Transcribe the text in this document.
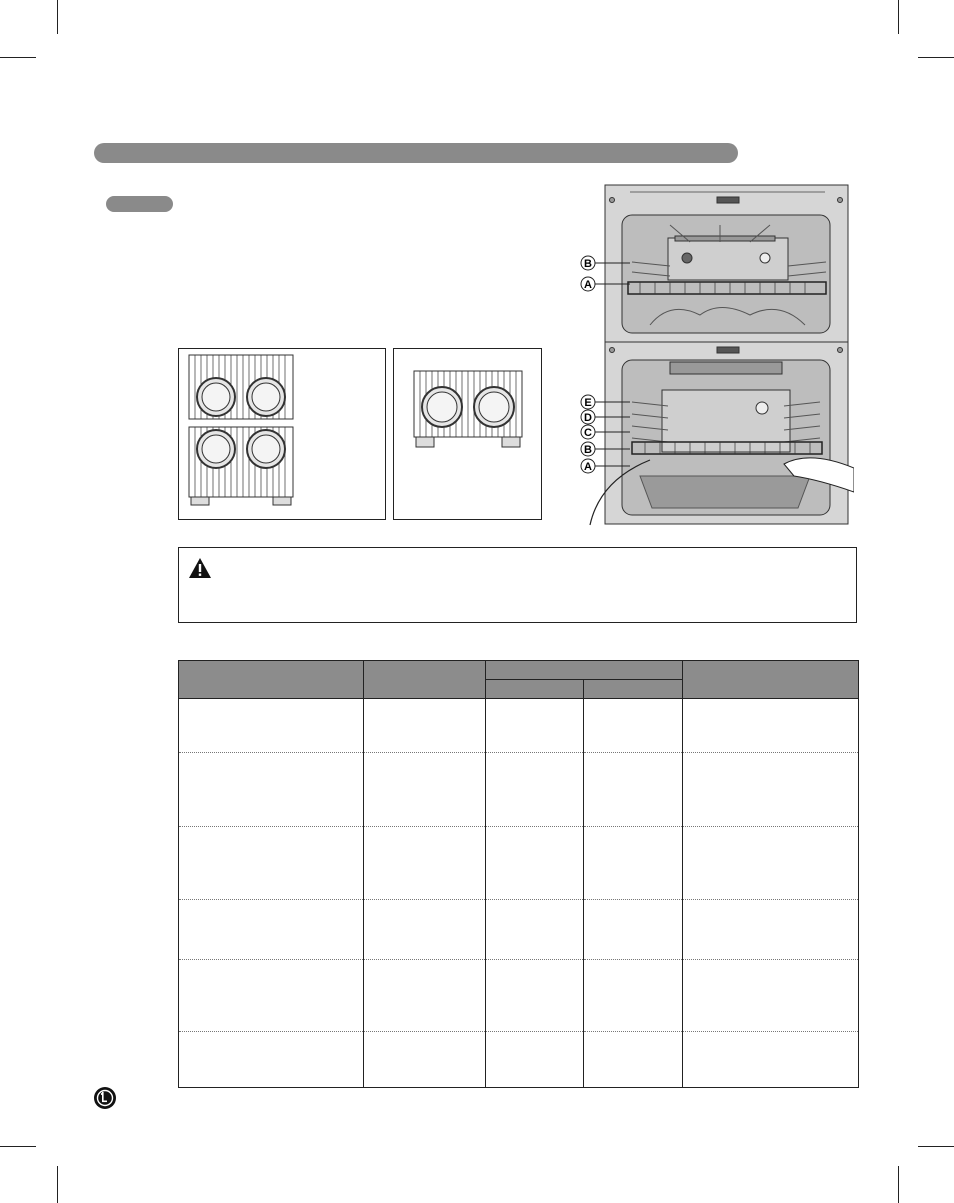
B
A
E
D
C
B
A
